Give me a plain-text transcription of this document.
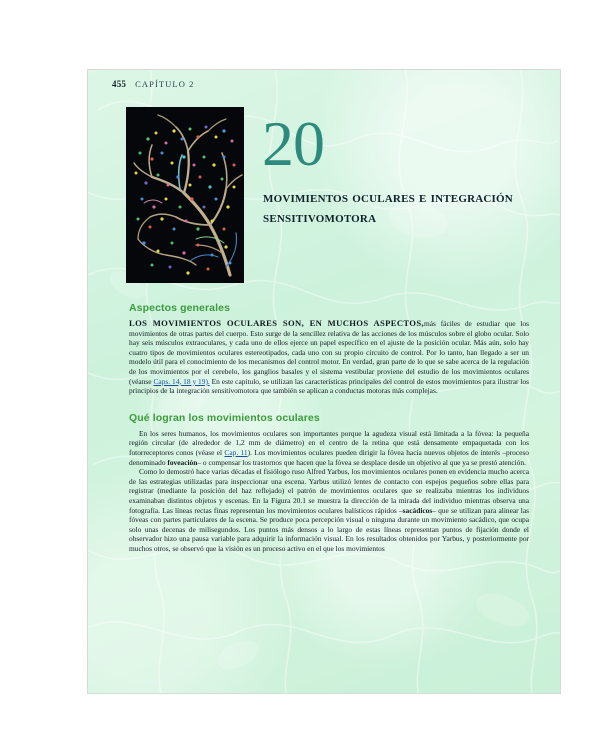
455 CAPÍTULO 2
20
movimientos oculares e integración sensitivomotora
Aspectos generales

LOS MOVIMIENTOS OCULARES SON, EN MUCHOS ASPECTOS,más fáciles de estudiar que los movimientos de otras partes del cuerpo. Esto surge de la sencillez relativa de las acciones de los músculos sobre el globo ocular. Solo hay seis músculos extraoculares, y cada uno de ellos ejerce un papel específico en el ajuste de la posición ocular. Más aún, solo hay cuatro tipos de movimientos oculares estereotipados, cada uno con su propio circuito de control. Por lo tanto, han llegado a ser un modelo útil para el conocimiento de los mecanismos del control motor. En verdad, gran parte de lo que se sabe acerca de la regulación de los movimientos por el cerebelo, los ganglios basales y el sistema vestibular proviene del estudio de los movimientos oculares (véanse Caps. 14, 18 y 19). En este capítulo, se utilizan las características principales del control de estos movimientos para ilustrar los principios de la integración sensitivomotora que también se aplican a conductas motoras más complejas.

Qué logran los movimientos oculares

En los seres humanos, los movimientos oculares son importantes porque la agudeza visual está limitada a la fóvea: la pequeña región circular (de alrededor de 1,2 mm de diámetro) en el centro de la retina que está densamente empaquetada con los fotorreceptores conos (véase el Cap. 11). Los movimientos oculares pueden dirigir la fóvea hacia nuevos objetos de interés –proceso denominado foveación– o compensar los trastornos que hacen que la fóvea se desplace desde un objetivo al que ya se prestó atención.

Como lo demostró hace varias décadas el fisiólogo ruso Alfred Yarbus, los movimientos oculares ponen en evidencia mucho acerca de las estrategias utilizadas para inspeccionar una escena. Yarbus utilizó lentes de contacto con espejos pequeños sobre ellas para registrar (mediante la posición del haz reflejado) el patrón de movimientos oculares que se realizaba mientras los individuos examinaban distintos objetos y escenas. En la Figura 20.1 se muestra la dirección de la mirada del individuo mientras observa una fotografía. Las líneas rectas finas representan los movimientos oculares balísticos rápidos –sacádicos– que se utilizan para alinear las fóveas con partes particulares de la escena. Se produce poca percepción visual o ninguna durante un movimiento sacádico, que ocupa solo unas decenas de milisegundos. Los puntos más densos a lo largo de estas líneas representan puntos de fijación donde el observador hizo una pausa variable para adquirir la información visual. En los resultados obtenidos por Yarbus, y posteriormente por muchos otros, se observó que la visión es un proceso activo en el que los movimientos
